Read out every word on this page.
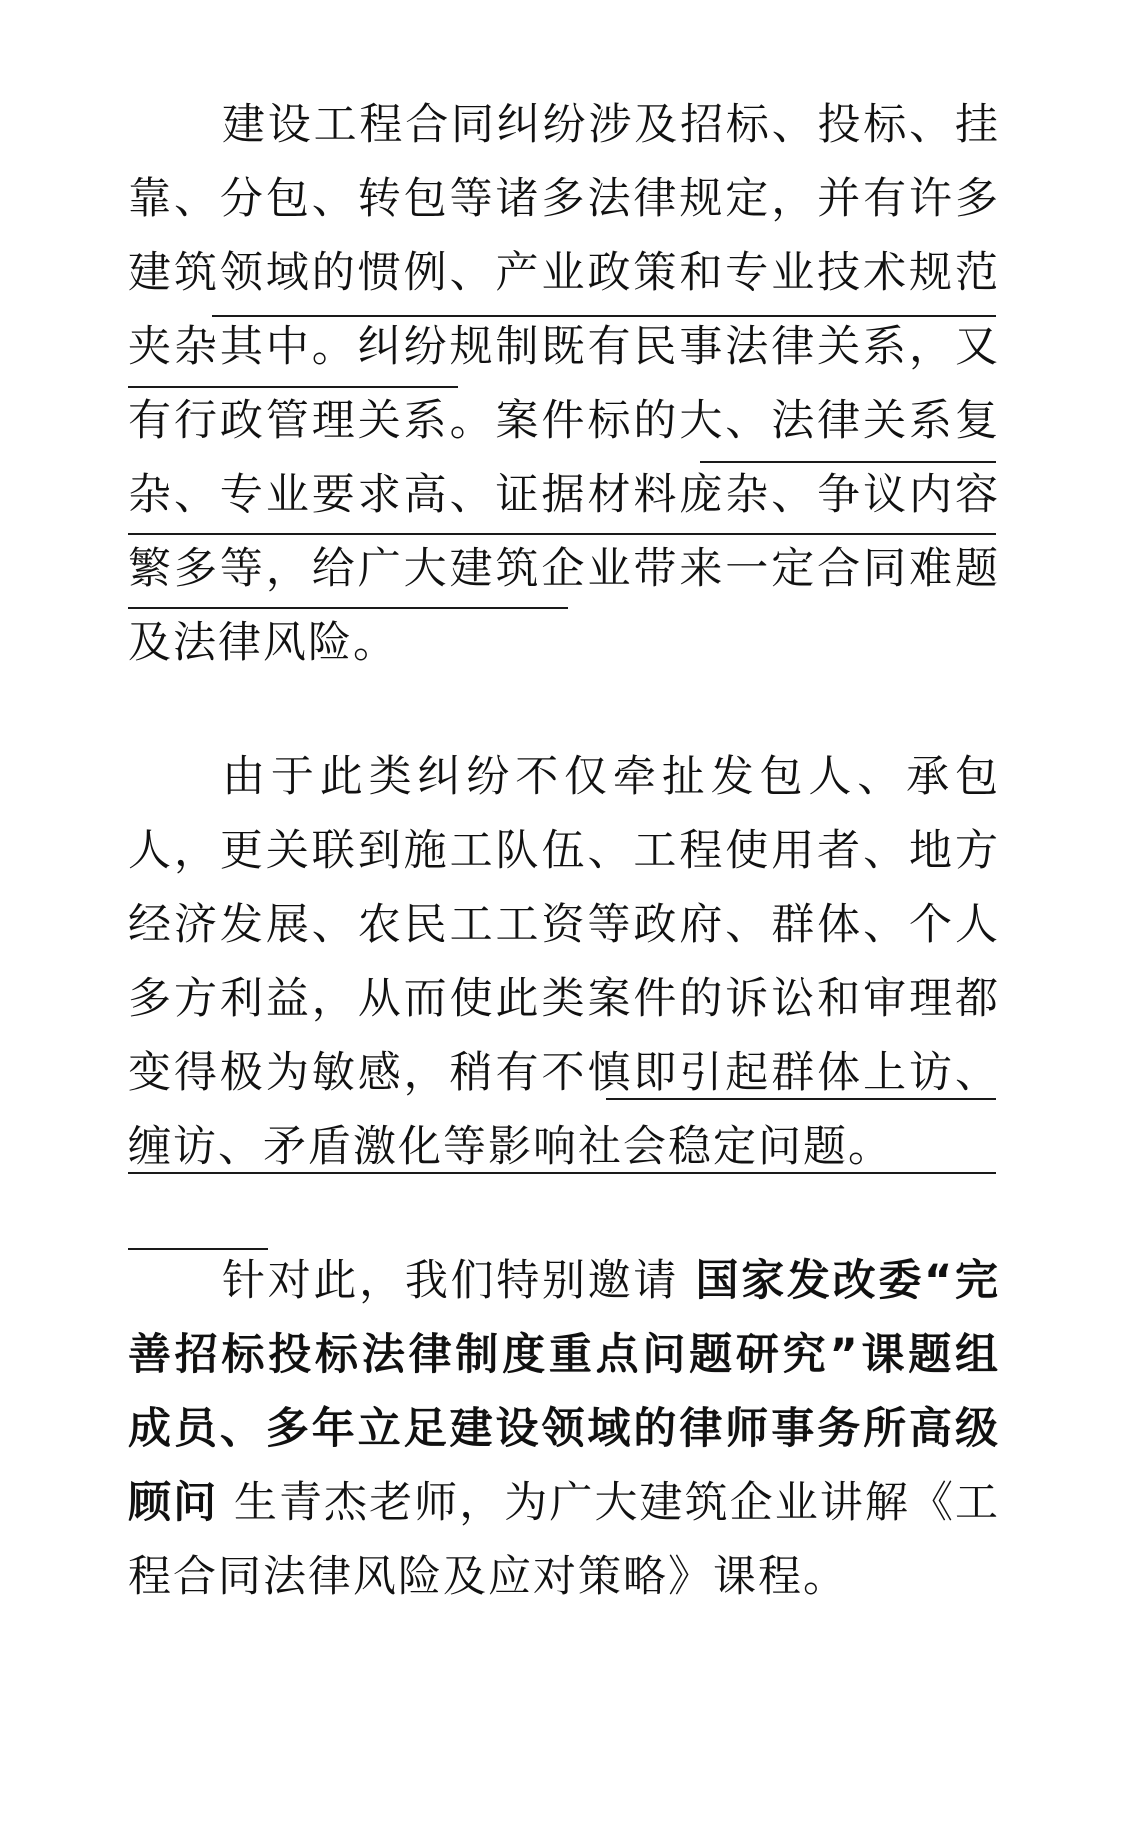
建设工程合同纠纷涉及招标、投标、挂靠、分包、转包等诸多法律规定，并有许多建筑领域的惯例、产业政策和专业技术规范夹杂其中。纠纷规制既有民事法律关系，又有行政管理关系。案件标的大、法律关系复杂、专业要求高、证据材料庞杂、争议内容繁多等，给广大建筑企业带来一定合同难题及法律风险。

由于此类纠纷不仅牵扯发包人、承包人，更关联到施工队伍、工程使用者、地方经济发展、农民工工资等政府、群体、个人多方利益，从而使此类案件的诉讼和审理都变得极为敏感，稍有不慎即引起群体上访、缠访、矛盾激化等影响社会稳定问题。

针对此，我们特别邀请 国家发改委“完善招标投标法律制度重点问题研究”课题组成员、多年立足建设领域的律师事务所高级顾问 生青杰老师，为广大建筑企业讲解《工程合同法律风险及应对策略》课程。
